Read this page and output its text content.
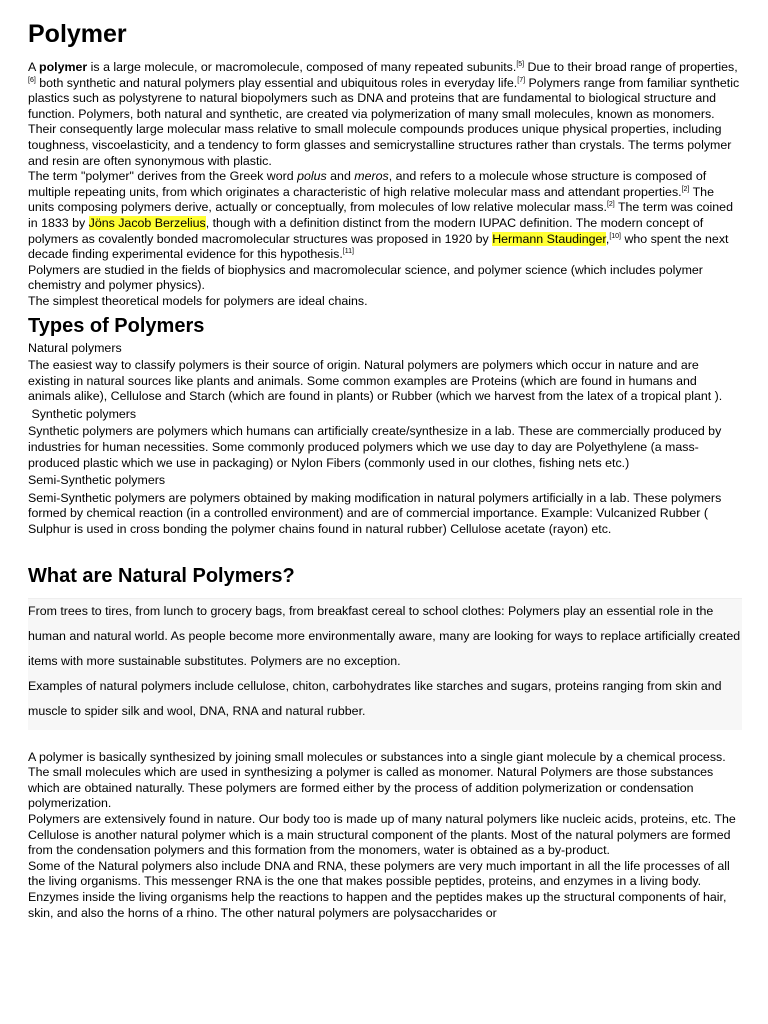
Polymer

A polymer is a large molecule, or macromolecule, composed of many repeated subunits.[5] Due to their broad range of properties,[6] both synthetic and natural polymers play essential and ubiquitous roles in everyday life.[7] Polymers range from familiar synthetic plastics such as polystyrene to natural biopolymers such as DNA and proteins that are fundamental to biological structure and function. Polymers, both natural and synthetic, are created via polymerization of many small molecules, known as monomers. Their consequently large molecular mass relative to small molecule compounds produces unique physical properties, including toughness, viscoelasticity, and a tendency to form glasses and semicrystalline structures rather than crystals. The terms polymer and resin are often synonymous with plastic.

The term "polymer" derives from the Greek word polus and meros, and refers to a molecule whose structure is composed of multiple repeating units, from which originates a characteristic of high relative molecular mass and attendant properties.[2] The units composing polymers derive, actually or conceptually, from molecules of low relative molecular mass.[2] The term was coined in 1833 by Jöns Jacob Berzelius, though with a definition distinct from the modern IUPAC definition. The modern concept of polymers as covalently bonded macromolecular structures was proposed in 1920 by Hermann Staudinger,[10] who spent the next decade finding experimental evidence for this hypothesis.[11]

Polymers are studied in the fields of biophysics and macromolecular science, and polymer science (which includes polymer chemistry and polymer physics).

The simplest theoretical models for polymers are ideal chains.

Types of Polymers
Natural polymers

The easiest way to classify polymers is their source of origin. Natural polymers are polymers which occur in nature and are existing in natural sources like plants and animals. Some common examples are Proteins (which are found in humans and animals alike), Cellulose and Starch (which are found in plants) or Rubber (which we harvest from the latex of a tropical plant ).

Synthetic polymers

Synthetic polymers are polymers which humans can artificially create/synthesize in a lab. These are commercially produced by industries for human necessities. Some commonly produced polymers which we use day to day are Polyethylene (a mass-produced plastic which we use in packaging) or Nylon Fibers (commonly used in our clothes, fishing nets etc.)

Semi-Synthetic polymers

Semi-Synthetic polymers are polymers obtained by making modification in natural polymers artificially in a lab. These polymers formed by chemical reaction (in a controlled environment) and are of commercial importance. Example: Vulcanized Rubber ( Sulphur is used in cross bonding the polymer chains found in natural rubber) Cellulose acetate (rayon) etc.

What are Natural Polymers?

From trees to tires, from lunch to grocery bags, from breakfast cereal to school clothes: Polymers play an essential role in the human and natural world. As people become more environmentally aware, many are looking for ways to replace artificially created items with more sustainable substitutes. Polymers are no exception.

Examples of natural polymers include cellulose, chiton, carbohydrates like starches and sugars, proteins ranging from skin and muscle to spider silk and wool, DNA, RNA and natural rubber.

A polymer is basically synthesized by joining small molecules or substances into a single giant molecule by a chemical process. The small molecules which are used in synthesizing a polymer is called as monomer. Natural Polymers are those substances which are obtained naturally. These polymers are formed either by the process of addition polymerization or condensation polymerization.

Polymers are extensively found in nature. Our body too is made up of many natural polymers like nucleic acids, proteins, etc. The Cellulose is another natural polymer which is a main structural component of the plants. Most of the natural polymers are formed from the condensation polymers and this formation from the monomers, water is obtained as a by-product.

Some of the Natural polymers also include DNA and RNA, these polymers are very much important in all the life processes of all the living organisms. This messenger RNA is the one that makes possible peptides, proteins, and enzymes in a living body. Enzymes inside the living organisms help the reactions to happen and the peptides makes up the structural components of hair, skin, and also the horns of a rhino. The other natural polymers are polysaccharides or
